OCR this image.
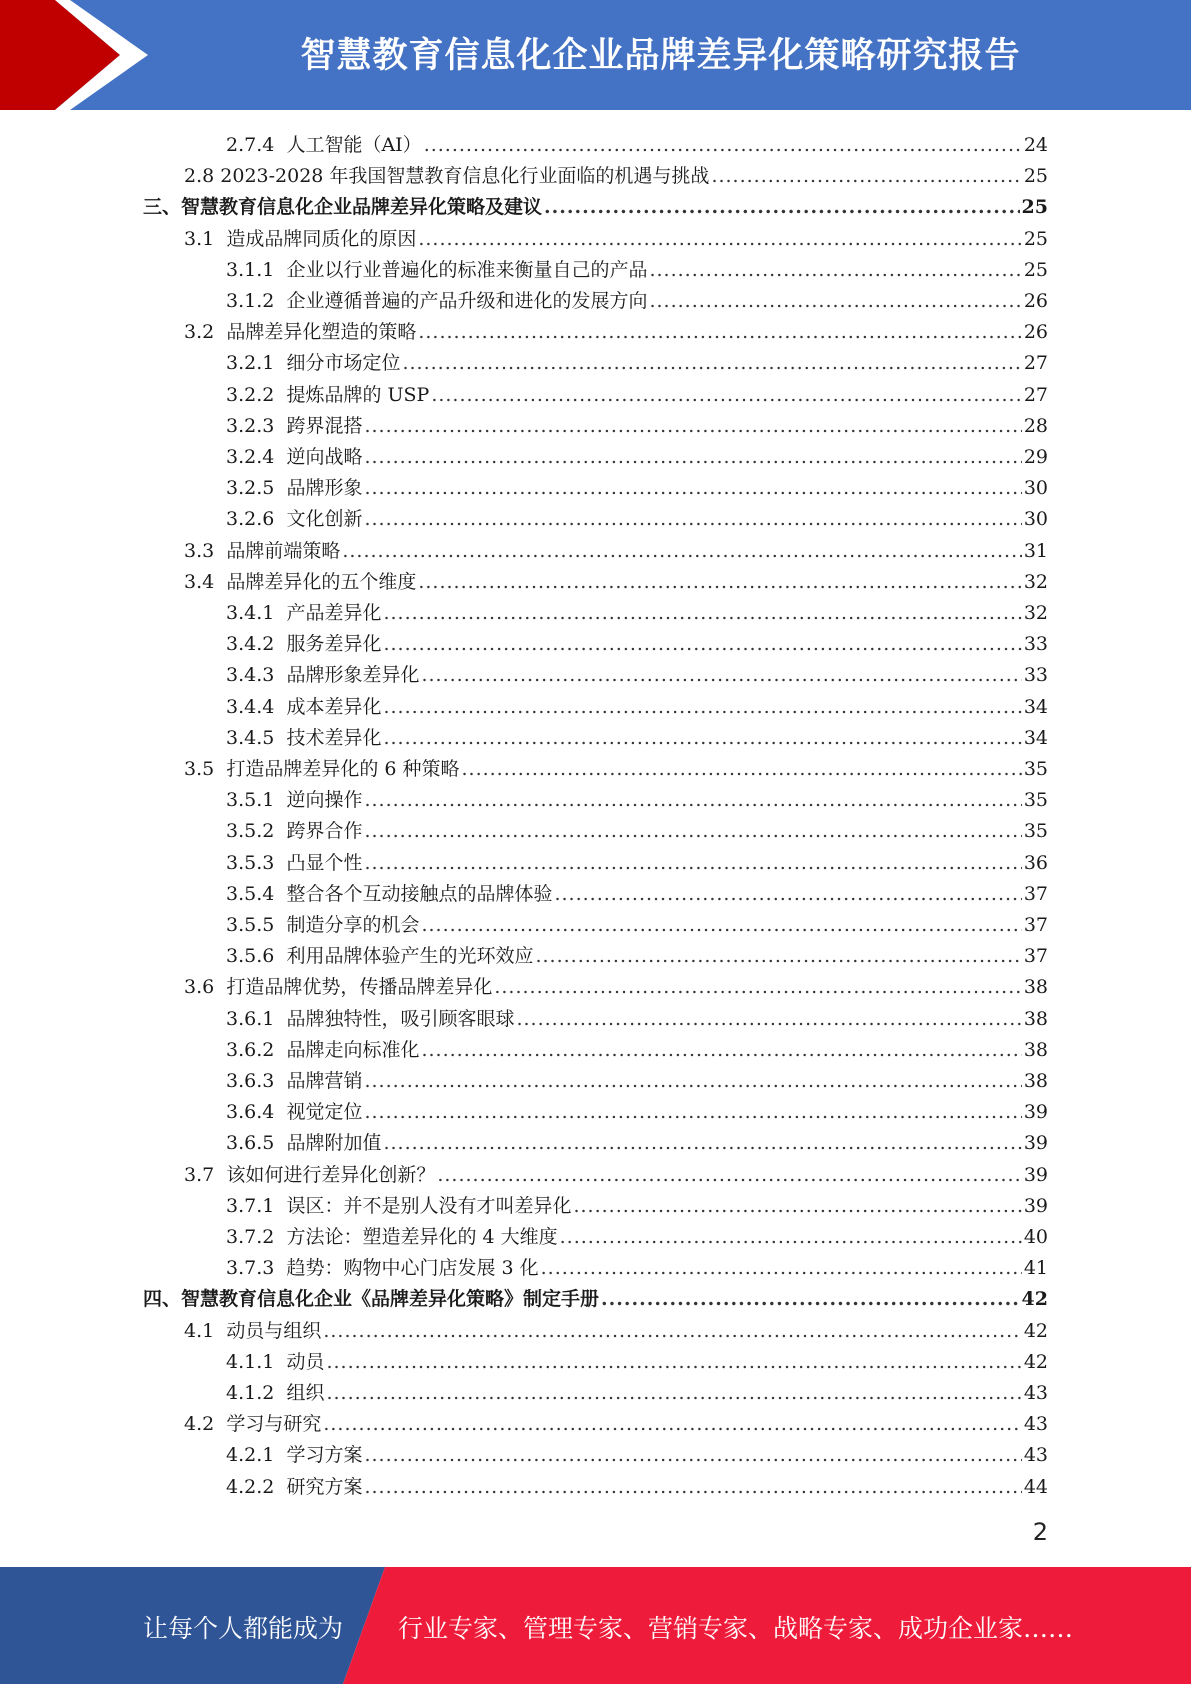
智慧教育信息化企业品牌差异化策略研究报告
2.7.4 人工智能（AI） .....	24
2.8 2023-2028 年我国智慧教育信息化行业面临的机遇与挑战 .....	25
三、智慧教育信息化企业品牌差异化策略及建议 .....	25
3.1 造成品牌同质化的原因 .....	25
3.1.1 企业以行业普遍化的标准来衡量自己的产品 .....	25
3.1.2 企业遵循普遍的产品升级和进化的发展方向 .....	26
3.2 品牌差异化塑造的策略 .....	26
3.2.1 细分市场定位 .....	27
3.2.2 提炼品牌的 USP .....	27
3.2.3 跨界混搭 .....	28
3.2.4 逆向战略 .....	29
3.2.5 品牌形象 .....	30
3.2.6 文化创新 .....	30
3.3 品牌前端策略 .....	31
3.4 品牌差异化的五个维度 .....	32
3.4.1 产品差异化 .....	32
3.4.2 服务差异化 .....	33
3.4.3 品牌形象差异化 .....	33
3.4.4 成本差异化 .....	34
3.4.5 技术差异化 .....	34
3.5 打造品牌差异化的 6 种策略 .....	35
3.5.1 逆向操作 .....	35
3.5.2 跨界合作 .....	35
3.5.3 凸显个性 .....	36
3.5.4 整合各个互动接触点的品牌体验 .....	37
3.5.5 制造分享的机会 .....	37
3.5.6 利用品牌体验产生的光环效应 .....	37
3.6 打造品牌优势，传播品牌差异化 .....	38
3.6.1 品牌独特性，吸引顾客眼球 .....	38
3.6.2 品牌走向标准化 .....	38
3.6.3 品牌营销 .....	38
3.6.4 视觉定位 .....	39
3.6.5 品牌附加值 .....	39
3.7 该如何进行差异化创新？ .....	39
3.7.1 误区：并不是别人没有才叫差异化 .....	39
3.7.2 方法论：塑造差异化的 4 大维度 .....	40
3.7.3 趋势：购物中心门店发展 3 化 .....	41
四、智慧教育信息化企业《品牌差异化策略》制定手册 .....	42
4.1 动员与组织 .....	42
4.1.1 动员 .....	42
4.1.2 组织 .....	43
4.2 学习与研究 .....	43
4.2.1 学习方案 .....	43
4.2.2 研究方案 .....	44
2
让每个人都能成为 行业专家、管理专家、营销专家、战略专家、成功企业家……
